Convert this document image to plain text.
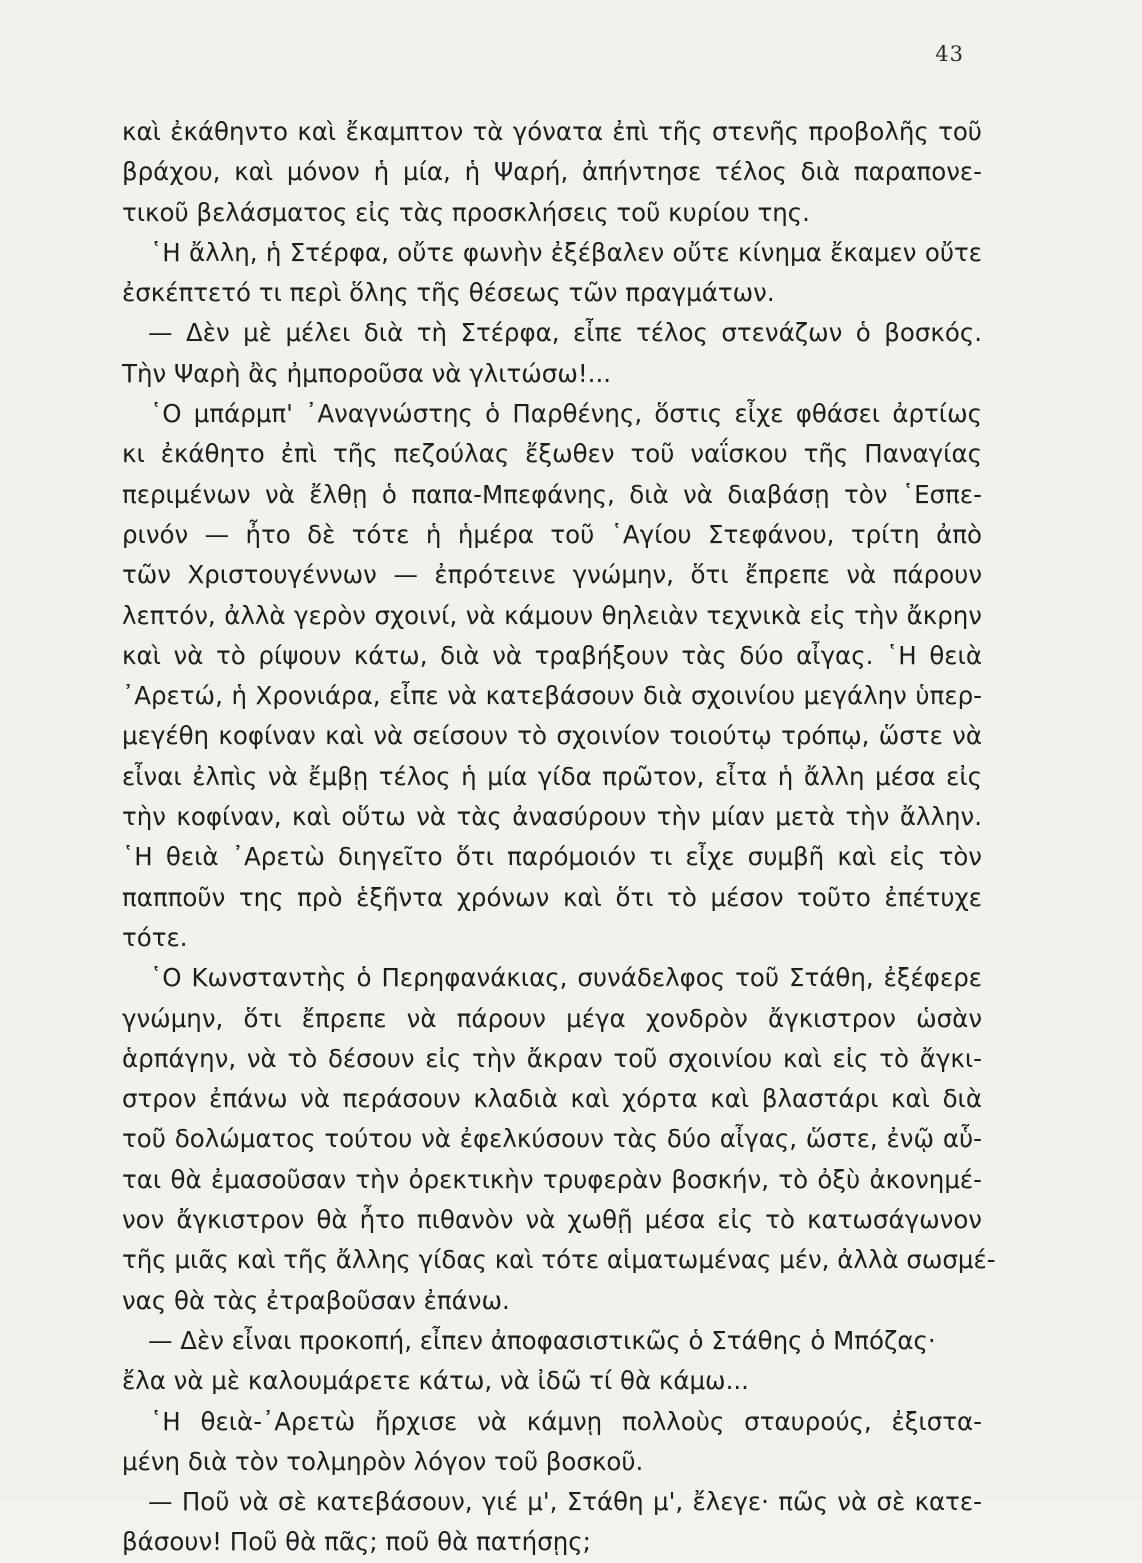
43
καὶ ἐκάθηντο καὶ ἔκαμπτον τὰ γόνατα ἐπὶ τῆς στενῆς προβολῆς τοῦ
βράχου, καὶ μόνον ἡ μία, ἡ Ψαρή, ἀπήντησε τέλος διὰ παραπονε-
τικοῦ βελάσματος εἰς τὰς προσκλήσεις τοῦ κυρίου της.
῾Η ἄλλη, ἡ Στέρφα, οὔτε φωνὴν ἐξέβαλεν οὔτε κίνημα ἔκαμεν οὔτε
ἐσκέπτετό τι περὶ ὅλης τῆς θέσεως τῶν πραγμάτων.
— Δὲν μὲ μέλει διὰ τὴ Στέρφα, εἶπε τέλος στενάζων ὁ βοσκός.
Τὴν Ψαρὴ ἂς ἠμποροῦσα νὰ γλιτώσω!...
῾Ο μπάρμπ' ᾿Αναγνώστης ὁ Παρθένης, ὅστις εἶχε φθάσει ἀρτίως
κι ἐκάθητο ἐπὶ τῆς πεζούλας ἔξωθεν τοῦ ναΐσκου τῆς Παναγίας
περιμένων νὰ ἔλθῃ ὁ παπα-Μπεφάνης, διὰ νὰ διαβάσῃ τὸν ῾Εσπε-
ρινόν — ἦτο δὲ τότε ἡ ἡμέρα τοῦ ῾Αγίου Στεφάνου, τρίτη ἀπὸ
τῶν Χριστουγέννων — ἐπρότεινε γνώμην, ὅτι ἔπρεπε νὰ πάρουν
λεπτόν, ἀλλὰ γερὸν σχοινί, νὰ κάμουν θηλειὰν τεχνικὰ εἰς τὴν ἄκρην
καὶ νὰ τὸ ρίψουν κάτω, διὰ νὰ τραβήξουν τὰς δύο αἶγας. ῾Η θειὰ
᾿Αρετώ, ἡ Χρονιάρα, εἶπε νὰ κατεβάσουν διὰ σχοινίου μεγάλην ὑπερ-
μεγέθη κοφίναν καὶ νὰ σείσουν τὸ σχοινίον τοιούτῳ τρόπῳ, ὥστε νὰ
εἶναι ἐλπὶς νὰ ἔμβῃ τέλος ἡ μία γίδα πρῶτον, εἶτα ἡ ἄλλη μέσα εἰς
τὴν κοφίναν, καὶ οὕτω νὰ τὰς ἀνασύρουν τὴν μίαν μετὰ τὴν ἄλλην.
῾Η θειὰ ᾿Αρετὼ διηγεῖτο ὅτι παρόμοιόν τι εἶχε συμβῆ καὶ εἰς τὸν
παπποῦν της πρὸ ἑξῆντα χρόνων καὶ ὅτι τὸ μέσον τοῦτο ἐπέτυχε
τότε.
῾Ο Κωνσταντὴς ὁ Περηφανάκιας, συνάδελφος τοῦ Στάθη, ἐξέφερε
γνώμην, ὅτι ἔπρεπε νὰ πάρουν μέγα χονδρὸν ἄγκιστρον ὡσὰν
ἁρπάγην, νὰ τὸ δέσουν εἰς τὴν ἄκραν τοῦ σχοινίου καὶ εἰς τὸ ἄγκι-
στρον ἐπάνω νὰ περάσουν κλαδιὰ καὶ χόρτα καὶ βλαστάρι καὶ διὰ
τοῦ δολώματος τούτου νὰ ἐφελκύσουν τὰς δύο αἶγας, ὥστε, ἐνῷ αὗ-
ται θὰ ἐμασοῦσαν τὴν ὀρεκτικὴν τρυφερὰν βοσκήν, τὸ ὀξὺ ἀκονημέ-
νον ἄγκιστρον θὰ ἦτο πιθανὸν νὰ χωθῇ μέσα εἰς τὸ κατωσάγωνον
τῆς μιᾶς καὶ τῆς ἄλλης γίδας καὶ τότε αἱματωμένας μέν, ἀλλὰ σωσμέ-
νας θὰ τὰς ἐτραβοῦσαν ἐπάνω.
— Δὲν εἶναι προκοπή, εἶπεν ἀποφασιστικῶς ὁ Στάθης ὁ Μπόζας·
ἔλα νὰ μὲ καλουμάρετε κάτω, νὰ ἰδῶ τί θὰ κάμω...
῾Η θειὰ-᾿Αρετὼ ἤρχισε νὰ κάμνῃ πολλοὺς σταυρούς, ἐξιστα-
μένη διὰ τὸν τολμηρὸν λόγον τοῦ βοσκοῦ.
— Ποῦ νὰ σὲ κατεβάσουν, γιέ μ', Στάθη μ', ἔλεγε· πῶς νὰ σὲ κατε-
βάσουν! Ποῦ θὰ πᾶς; ποῦ θὰ πατήσῃς;
